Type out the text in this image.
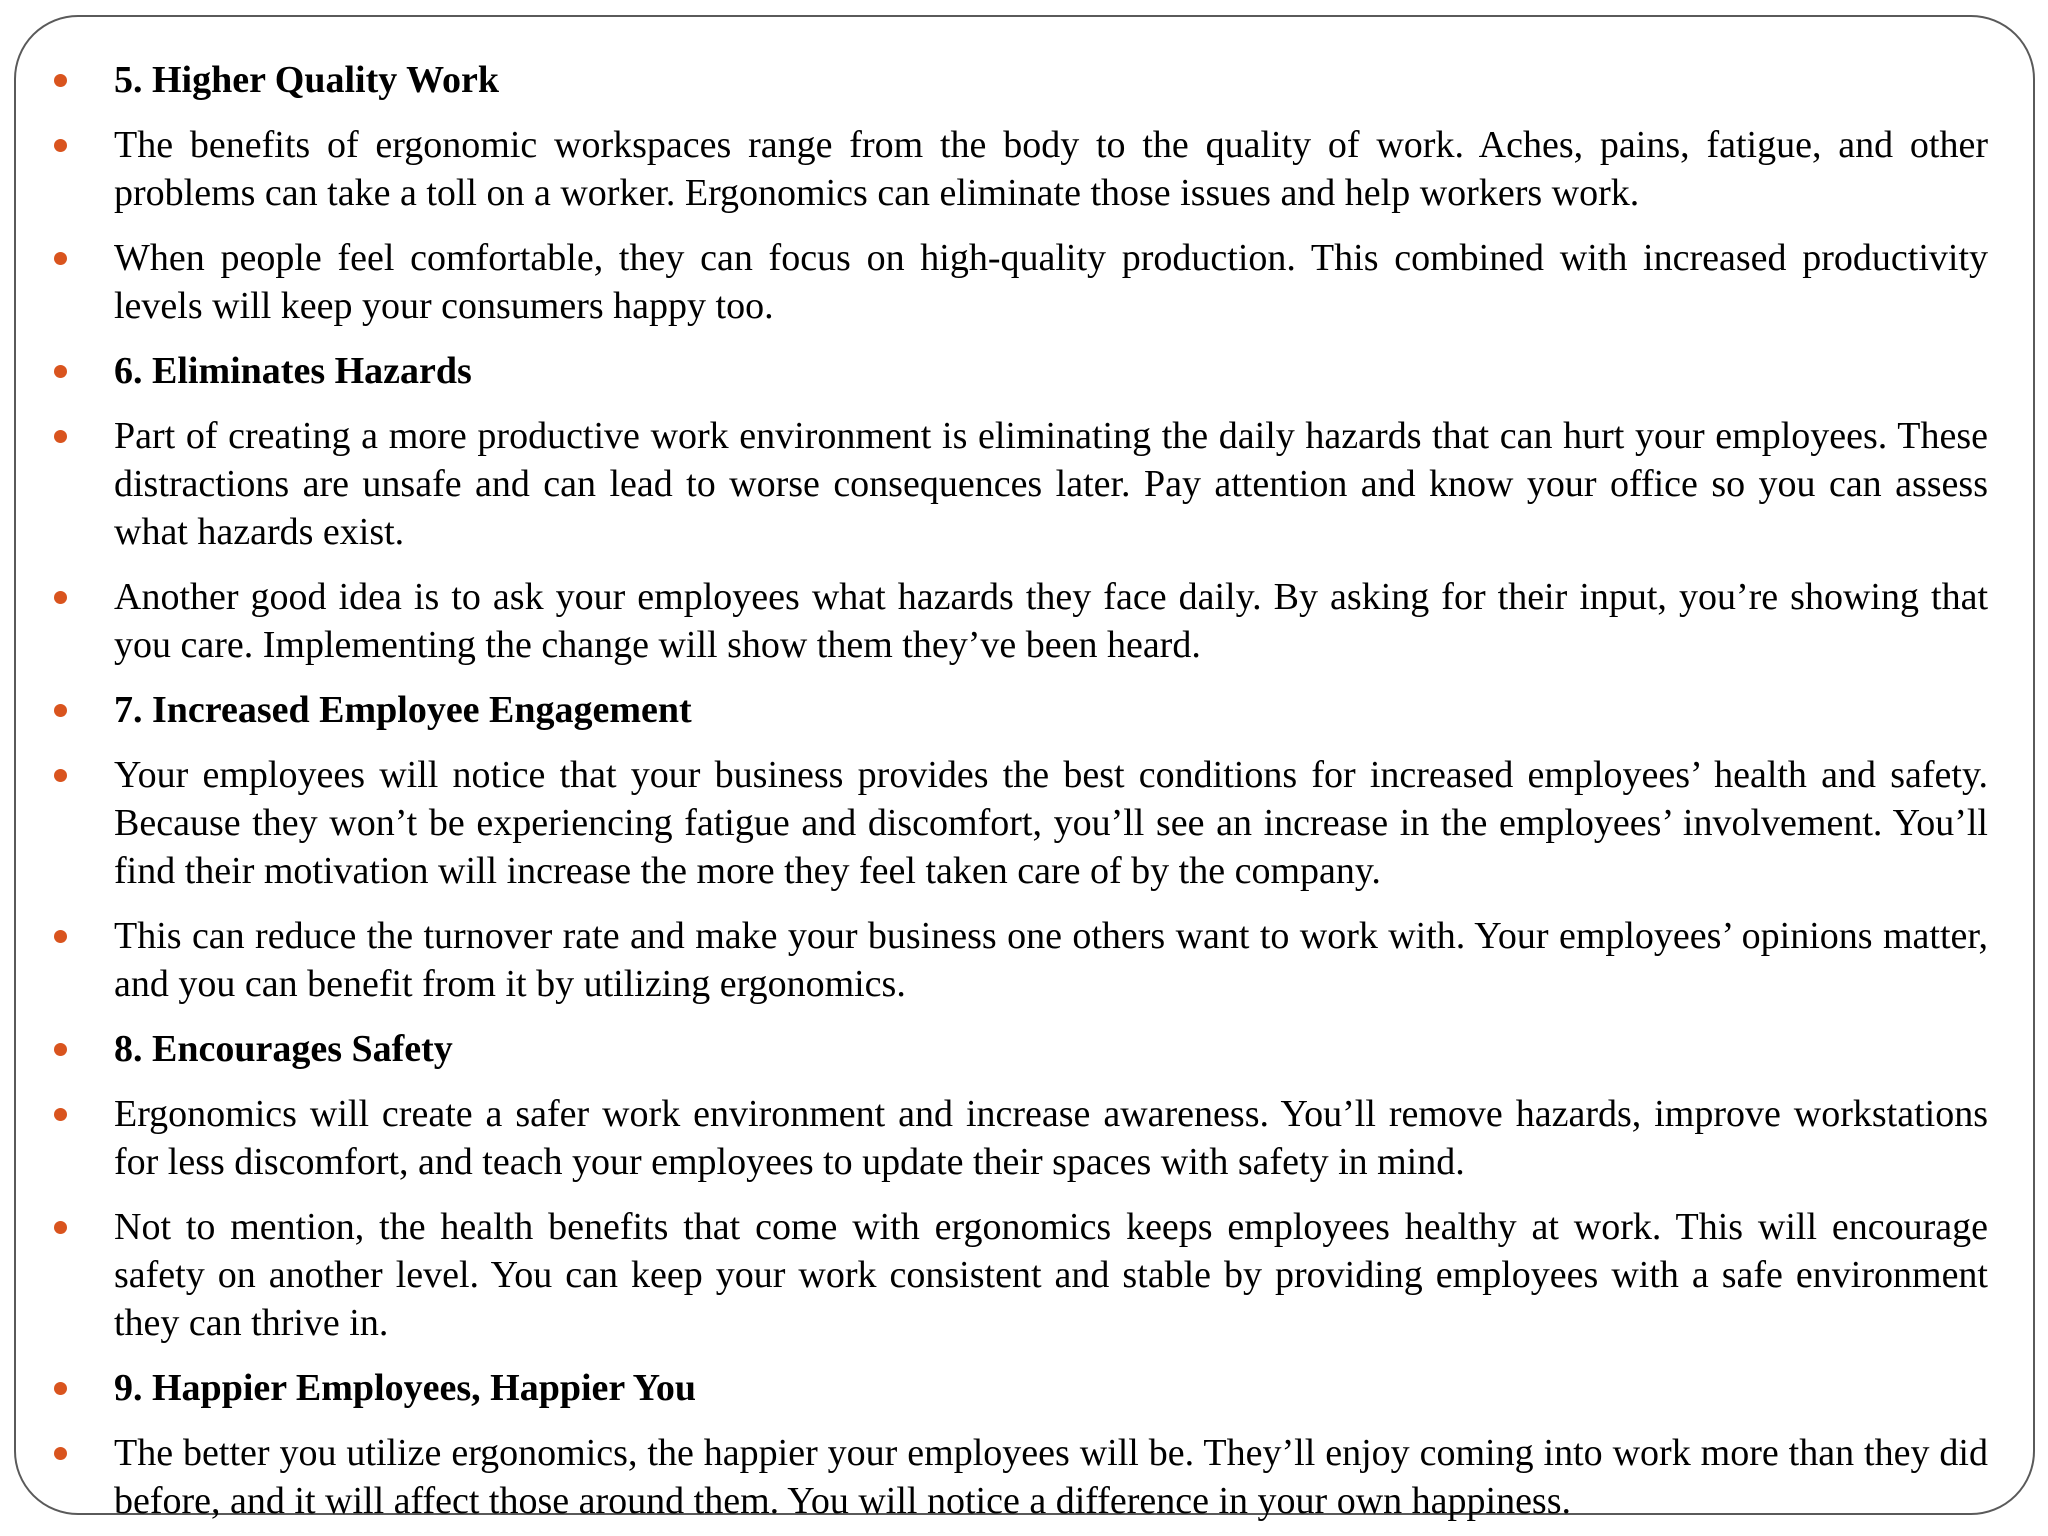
5. Higher Quality Work
The benefits of ergonomic workspaces range from the body to the quality of work. Aches, pains, fatigue, and other problems can take a toll on a worker. Ergonomics can eliminate those issues and help workers work.
When people feel comfortable, they can focus on high-quality production. This combined with increased productivity levels will keep your consumers happy too.
6. Eliminates Hazards
Part of creating a more productive work environment is eliminating the daily hazards that can hurt your employees. These distractions are unsafe and can lead to worse consequences later. Pay attention and know your office so you can assess what hazards exist.
Another good idea is to ask your employees what hazards they face daily. By asking for their input, you’re showing that you care. Implementing the change will show them they’ve been heard.
7. Increased Employee Engagement
Your employees will notice that your business provides the best conditions for increased employees’ health and safety. Because they won’t be experiencing fatigue and discomfort, you’ll see an increase in the employees’ involvement. You’ll find their motivation will increase the more they feel taken care of by the company.
This can reduce the turnover rate and make your business one others want to work with. Your employees’ opinions matter, and you can benefit from it by utilizing ergonomics.
8. Encourages Safety
Ergonomics will create a safer work environment and increase awareness. You’ll remove hazards, improve workstations for less discomfort, and teach your employees to update their spaces with safety in mind.
Not to mention, the health benefits that come with ergonomics keeps employees healthy at work. This will encourage safety on another level. You can keep your work consistent and stable by providing employees with a safe environment they can thrive in.
9. Happier Employees, Happier You
The better you utilize ergonomics, the happier your employees will be. They’ll enjoy coming into work more than they did before, and it will affect those around them. You will notice a difference in your own happiness.
